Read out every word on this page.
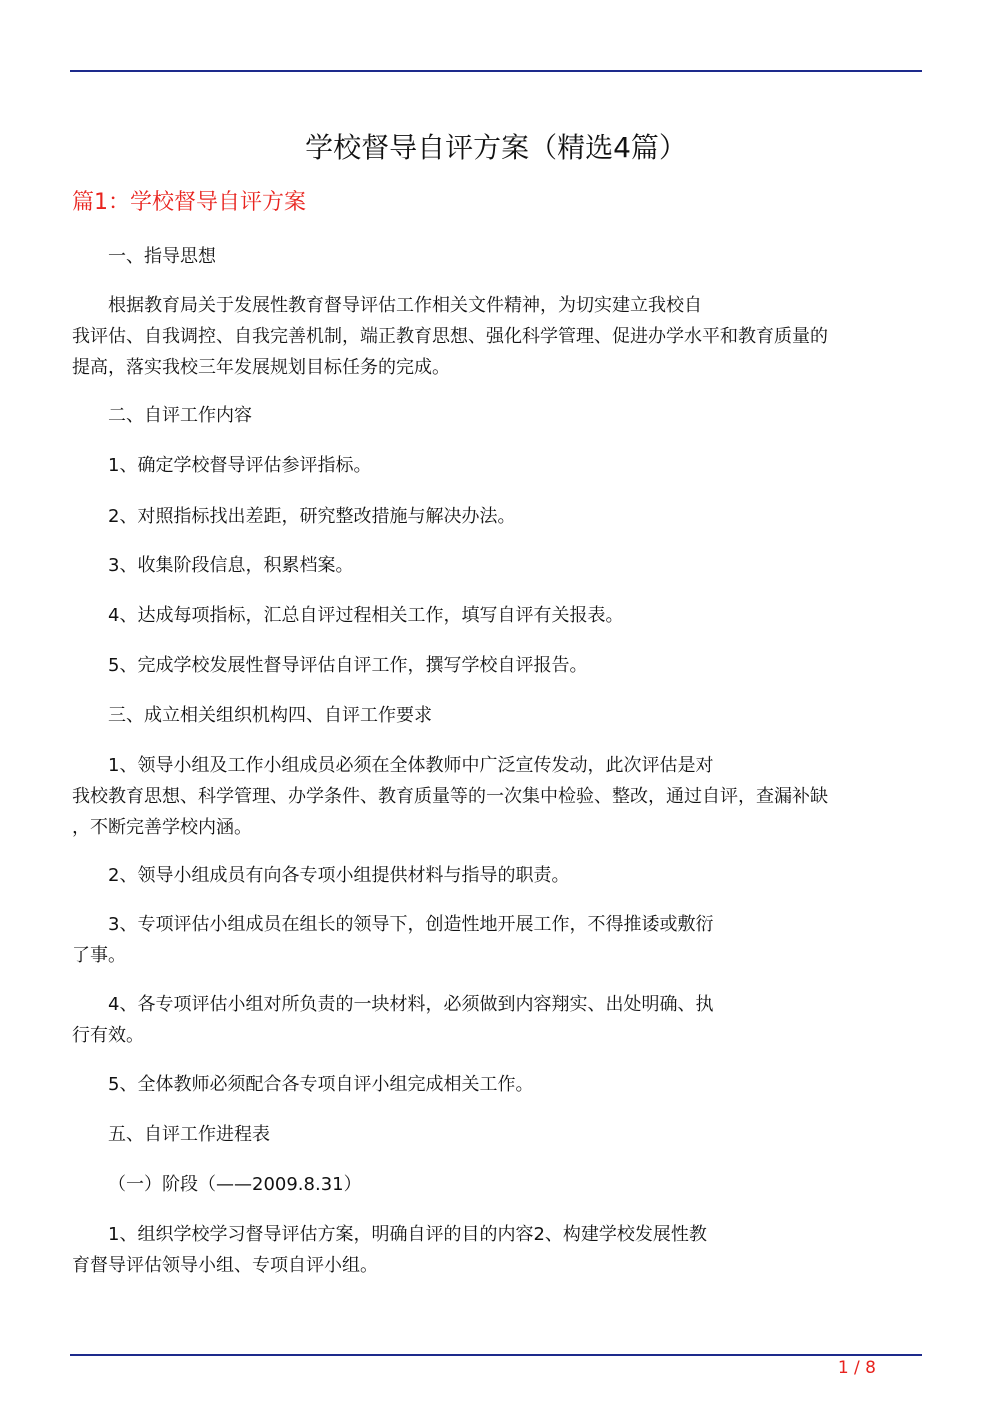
学校督导自评方案（精选4篇）
篇1：学校督导自评方案

一、指导思想

根据教育局关于发展性教育督导评估工作相关文件精神，为切实建立我校自
我评估、自我调控、自我完善机制，端正教育思想、强化科学管理、促进办学水平和教育质量的
提高，落实我校三年发展规划目标任务的完成。

二、自评工作内容

1、确定学校督导评估参评指标。

2、对照指标找出差距，研究整改措施与解决办法。

3、收集阶段信息，积累档案。

4、达成每项指标，汇总自评过程相关工作，填写自评有关报表。

5、完成学校发展性督导评估自评工作，撰写学校自评报告。

三、成立相关组织机构四、自评工作要求

1、领导小组及工作小组成员必须在全体教师中广泛宣传发动，此次评估是对
我校教育思想、科学管理、办学条件、教育质量等的一次集中检验、整改，通过自评，查漏补缺
，不断完善学校内涵。

2、领导小组成员有向各专项小组提供材料与指导的职责。

3、专项评估小组成员在组长的领导下，创造性地开展工作，不得推诿或敷衍
了事。

4、各专项评估小组对所负责的一块材料，必须做到内容翔实、出处明确、执
行有效。

5、全体教师必须配合各专项自评小组完成相关工作。

五、自评工作进程表

（一）阶段（——2009.8.31）

1、组织学校学习督导评估方案，明确自评的目的内容2、构建学校发展性教
育督导评估领导小组、专项自评小组。

1 / 8
